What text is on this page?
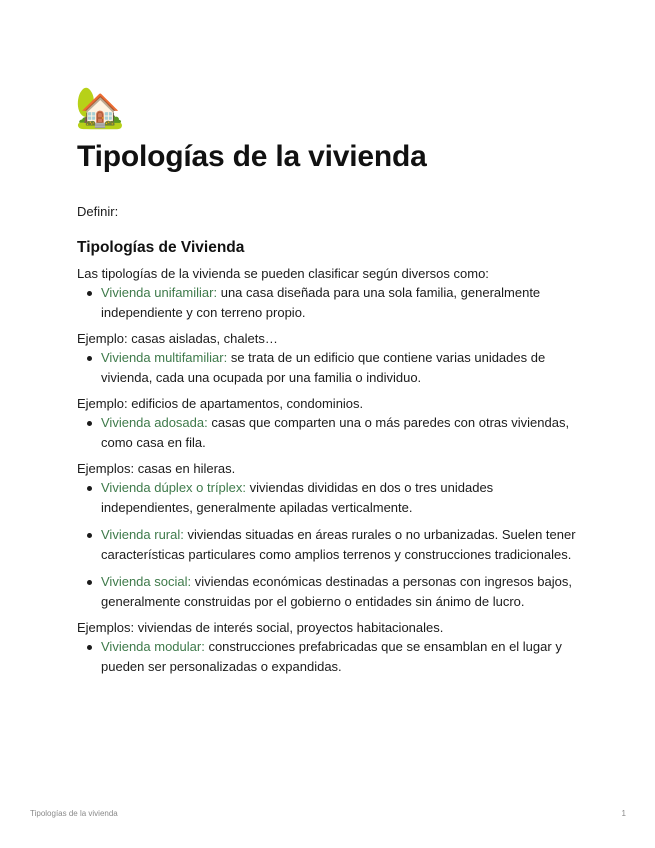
🏡
Tipologías de la vivienda

Definir:

Tipologías de Vivienda

Las tipologías de la vivienda se pueden clasificar según diversos como:

Vivienda unifamiliar: una casa diseñada para una sola familia, generalmente independiente y con terreno propio.

Ejemplo: casas aisladas, chalets…

Vivienda multifamiliar: se trata de un edificio que contiene varias unidades de vivienda, cada una ocupada por una familia o individuo.

Ejemplo: edificios de apartamentos, condominios.

Vivienda adosada: casas que comparten una o más paredes con otras viviendas, como casa en fila.

Ejemplos: casas en hileras.

Vivienda dúplex o tríplex: viviendas divididas en dos o tres unidades independientes, generalmente apiladas verticalmente.
Vivienda rural: viviendas situadas en áreas rurales o no urbanizadas. Suelen tener características particulares como amplios terrenos y construcciones tradicionales.
Vivienda social: viviendas económicas destinadas a personas con ingresos bajos, generalmente construidas por el gobierno o entidades sin ánimo de lucro.

Ejemplos: viviendas de interés social, proyectos habitacionales.

Vivienda modular: construcciones prefabricadas que se ensamblan en el lugar y pueden ser personalizadas o expandidas.
Tipologías de la vivienda	1
